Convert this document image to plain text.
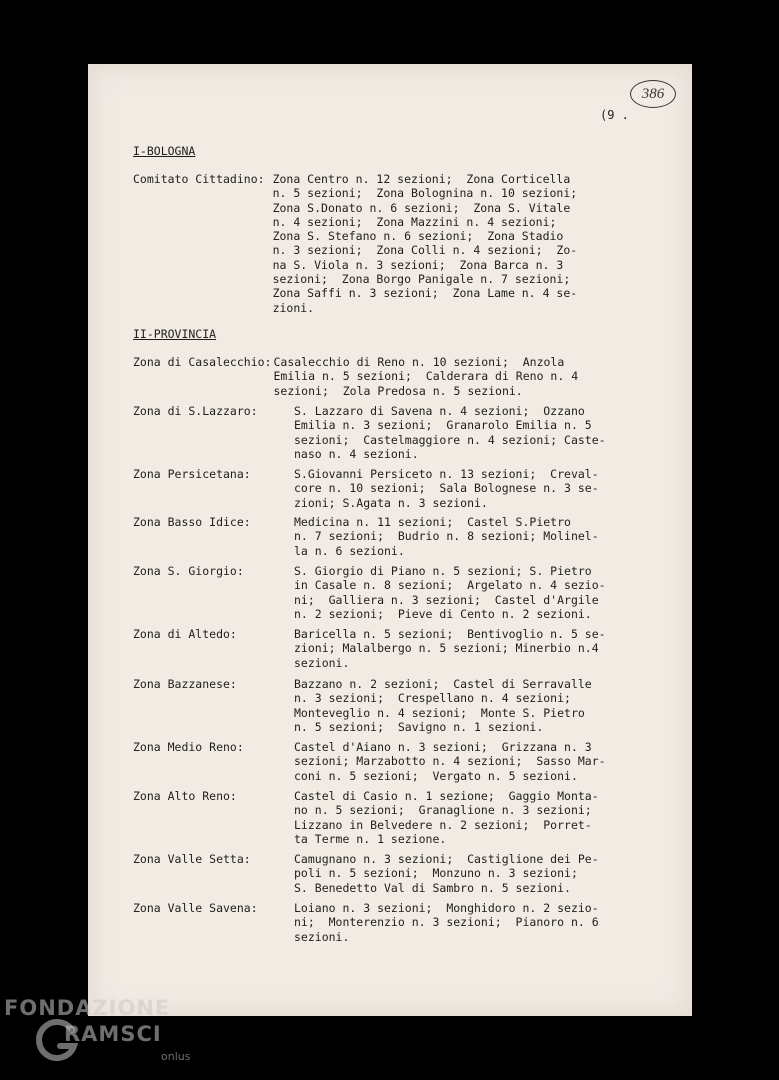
386
(9 .
I-BOLOGNA
Comitato Cittadino: Zona Centro n. 12 sezioni;  Zona Corticella
n. 5 sezioni;  Zona Bolognina n. 10 sezioni;
Zona S.Donato n. 6 sezioni;  Zona S. Vitale
n. 4 sezioni;  Zona Mazzini n. 4 sezioni;
Zona S. Stefano n. 6 sezioni;  Zona Stadio
n. 3 sezioni;  Zona Colli n. 4 sezioni;  Zo-
na S. Viola n. 3 sezioni;  Zona Barca n. 3
sezioni;  Zona Borgo Panigale n. 7 sezioni;
Zona Saffi n. 3 sezioni;  Zona Lame n. 4 se-
zioni.
II-PROVINCIA
Zona di Casalecchio: Casalecchio di Reno n. 10 sezioni;  Anzola
Emilia n. 5 sezioni;  Calderara di Reno n. 4
sezioni;  Zola Predosa n. 5 sezioni.
Zona di S.Lazzaro:	S. Lazzaro di Savena n. 4 sezioni;  Ozzano
Emilia n. 3 sezioni;  Granarolo Emilia n. 5
sezioni;  Castelmaggiore n. 4 sezioni; Caste-
naso n. 4 sezioni.
Zona Persicetana:	S.Giovanni Persiceto n. 13 sezioni;  Creval-
core n. 10 sezioni;  Sala Bolognese n. 3 se-
zioni; S.Agata n. 3 sezioni.
Zona Basso Idice:	Medicina n. 11 sezioni;  Castel S.Pietro
n. 7 sezioni;  Budrio n. 8 sezioni; Molinel-
la n. 6 sezioni.
Zona S. Giorgio:	S. Giorgio di Piano n. 5 sezioni; S. Pietro
in Casale n. 8 sezioni;  Argelato n. 4 sezio-
ni;  Galliera n. 3 sezioni;  Castel d'Argile
n. 2 sezioni;  Pieve di Cento n. 2 sezioni.
Zona di Altedo:	Baricella n. 5 sezioni;  Bentivoglio n. 5 se-
zioni; Malalbergo n. 5 sezioni; Minerbio n.4
sezioni.
Zona Bazzanese:	Bazzano n. 2 sezioni;  Castel di Serravalle
n. 3 sezioni;  Crespellano n. 4 sezioni;
Monteveglio n. 4 sezioni;  Monte S. Pietro
n. 5 sezioni;  Savigno n. 1 sezioni.
Zona Medio Reno:	Castel d'Aiano n. 3 sezioni;  Grizzana n. 3
sezioni; Marzabotto n. 4 sezioni;  Sasso Mar-
coni n. 5 sezioni;  Vergato n. 5 sezioni.
Zona Alto Reno:	Castel di Casio n. 1 sezione;  Gaggio Monta-
no n. 5 sezioni;  Granaglione n. 3 sezioni;
Lizzano in Belvedere n. 2 sezioni;  Porret-
ta Terme n. 1 sezione.
Zona Valle Setta:	Camugnano n. 3 sezioni;  Castiglione dei Pe-
poli n. 5 sezioni;  Monzuno n. 3 sezioni;
S. Benedetto Val di Sambro n. 5 sezioni.
Zona Valle Savena:	Loiano n. 3 sezioni;  Monghidoro n. 2 sezio-
ni;  Monterenzio n. 3 sezioni;  Pianoro n. 6
sezioni.
FONDAZIONE
RAMSCI
onlus
